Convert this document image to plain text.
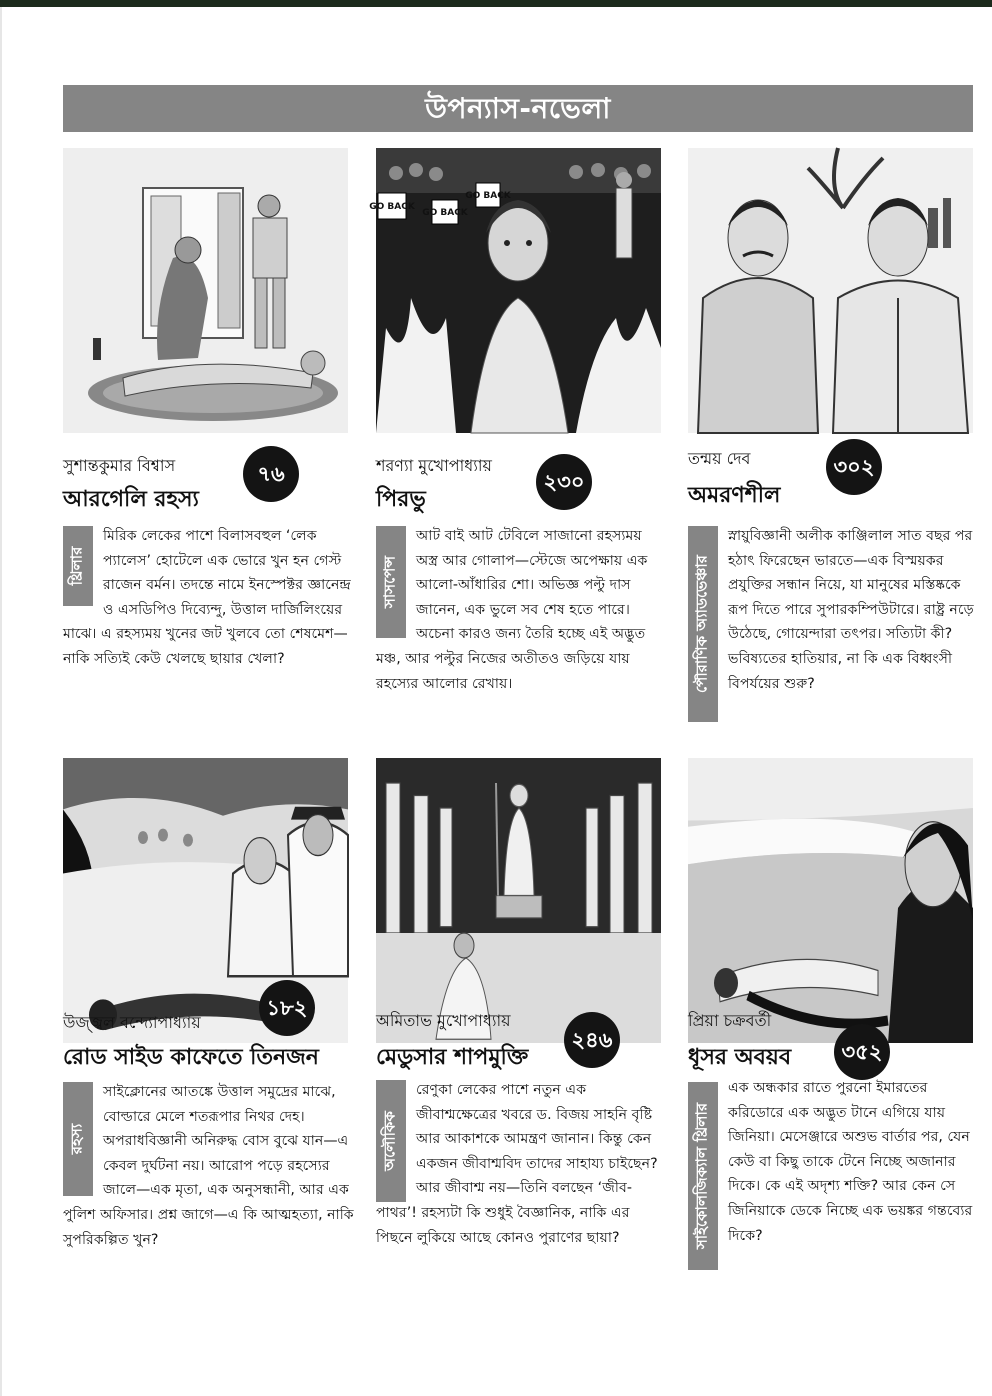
উপন্যাস-নভেলা
সুশান্তকুমার বিশ্বাস
আরগেলি রহস্য
৭৬
মিরিক লেকের পাশে বিলাসবহুল ‘লেক প্যালেস’ হোটেলে এক ভোরে খুন হন গেস্ট রাজেন বর্মন। তদন্তে নামে ইনস্পেক্টর জ্ঞানেন্দ্র ও এসডিপিও দিব্যেন্দু, উত্তাল দার্জিলিংয়ের মাঝে। এ রহস্যময় খুনের জট খুলবে তো শেষমেশ—নাকি সত্যিই কেউ খেলছে ছায়ার খেলা?
থ্রিলার
GO BACK
GO BACK
GO BACK
শরণ্যা মুখোপাধ্যায়
পিরভু
২৩০
আট বাই আট টেবিলে সাজানো রহস্যময় অস্ত্র আর গোলাপ—স্টেজে অপেক্ষায় এক আলো-আঁধারির শো। অভিজ্ঞ পল্টু দাস জানেন, এক ভুলে সব শেষ হতে পারে। অচেনা কারও জন্য তৈরি হচ্ছে এই অদ্ভুত মঞ্চ, আর পল্টুর নিজের অতীতও জড়িয়ে যায় রহস্যের আলোর রেখায়।
সাসপেন্স
তন্ময় দেব
অমরণশীল
৩০২
স্নায়ুবিজ্ঞানী অলীক কাঞ্জিলাল সাত বছর পর হঠাৎ ফিরেছেন ভারতে—এক বিস্ময়কর প্রযুক্তির সন্ধান নিয়ে, যা মানুষের মস্তিষ্ককে রূপ দিতে পারে সুপারকম্পিউটারে। রাষ্ট্র নড়ে উঠেছে, গোয়েন্দারা তৎপর। সত্যিটা কী? ভবিষ্যতের হাতিয়ার, না কি এক বিধ্বংসী বিপর্যয়ের শুরু?
পৌরাণিক অ্যাডভেঞ্চার
উজ্জ্বল বন্দ্যোপাধ্যায়
রোড সাইড কাফেতে তিনজন
১৮২
সাইক্লোনের আতঙ্কে উত্তাল সমুদ্রের মাঝে, বোল্ডারে মেলে শতরূপার নিথর দেহ। অপরাধবিজ্ঞানী অনিরুদ্ধ বোস বুঝে যান—এ কেবল দুর্ঘটনা নয়। আরোপ পড়ে রহস্যের জালে—এক মৃতা, এক অনুসন্ধানী, আর এক পুলিশ অফিসার। প্রশ্ন জাগে—এ কি আত্মহত্যা, নাকি সুপরিকল্পিত খুন?
রহস্য
অমিতাভ মুখোপাধ্যায়
মেডুসার শাপমুক্তি
২৪৬
রেণুকা লেকের পাশে নতুন এক জীবাশ্মক্ষেত্রের খবরে ড. বিজয় সাহনি বৃষ্টি আর আকাশকে আমন্ত্রণ জানান। কিন্তু কেন একজন জীবাশ্মবিদ তাদের সাহায্য চাইছেন? আর জীবাশ্ম নয়—তিনি বলছেন ‘জীব-পাথর’! রহস্যটা কি শুধুই বৈজ্ঞানিক, নাকি এর পিছনে লুকিয়ে আছে কোনও পুরাণের ছায়া?
অলৌকিক
প্রিয়া চক্রবর্তী
ধূসর অবয়ব	৩৫২
এক অন্ধকার রাতে পুরনো ইমারতের করিডোরে এক অদ্ভুত টানে এগিয়ে যায় জিনিয়া। মেসেঞ্জারে অশুভ বার্তার পর, যেন কেউ বা কিছু তাকে টেনে নিচ্ছে অজানার দিকে। কে এই অদৃশ্য শক্তি? আর কেন সে জিনিয়াকে ডেকে নিচ্ছে এক ভয়ঙ্কর গন্তব্যের দিকে?
সাইকোলজিক্যাল থ্রিলার
